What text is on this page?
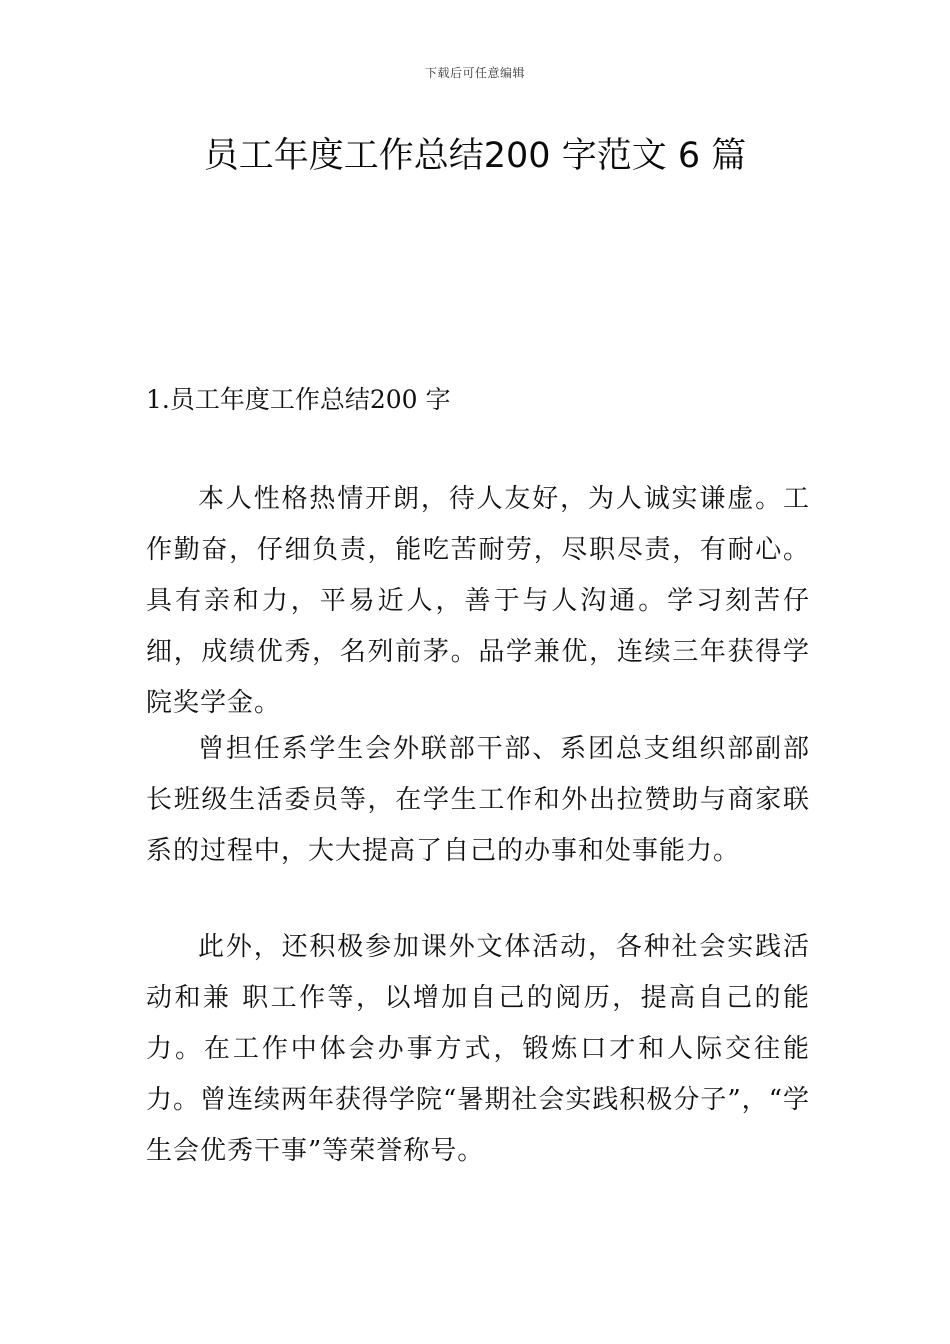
下载后可任意编辑
员工年度工作总结200 字范文 6 篇
1.员工年度工作总结200 字

本人性格热情开朗，待人友好，为人诚实谦虚。工作勤奋，仔细负责，能吃苦耐劳，尽职尽责，有耐心。具有亲和力，平易近人，善于与人沟通。学习刻苦仔细，成绩优秀，名列前茅。品学兼优，连续三年获得学院奖学金。

曾担任系学生会外联部干部、系团总支组织部副部长班级生活委员等，在学生工作和外出拉赞助与商家联系的过程中，大大提高了自己的办事和处事能力。

此外，还积极参加课外文体活动，各种社会实践活动和兼 职工作等，以增加自己的阅历，提高自己的能力。在工作中体会办事方式，锻炼口才和人际交往能力。曾连续两年获得学院“暑期社会实践积极分子”，“学生会优秀干事”等荣誉称号。
